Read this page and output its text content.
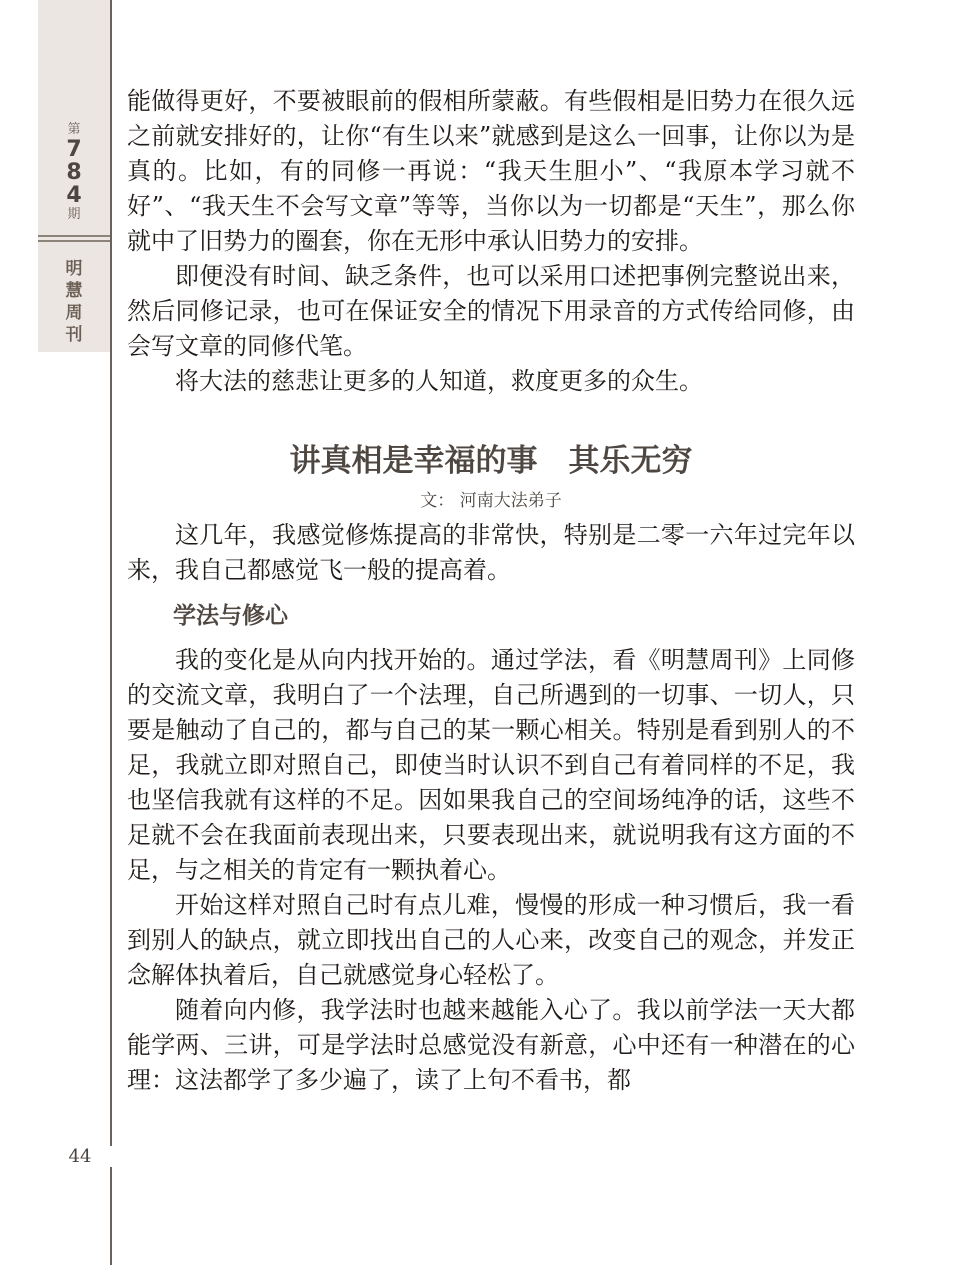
第
7
8
4
期
明
慧
周
刊
44

能做得更好，不要被眼前的假相所蒙蔽。有些假相是旧势力在很久远之前就安排好的，让你“有生以来”就感到是这么一回事，让你以为是真的。比如，有的同修一再说：“我天生胆小”、“我原本学习就不好”、“我天生不会写文章”等等，当你以为一切都是“天生”，那么你就中了旧势力的圈套，你在无形中承认旧势力的安排。

即便没有时间、缺乏条件，也可以采用口述把事例完整说出来，然后同修记录，也可在保证安全的情况下用录音的方式传给同修，由会写文章的同修代笔。

将大法的慈悲让更多的人知道，救度更多的众生。

讲真相是幸福的事　其乐无穷
文： 河南大法弟子

这几年，我感觉修炼提高的非常快，特别是二零一六年过完年以来，我自己都感觉飞一般的提高着。

学法与修心

我的变化是从向内找开始的。通过学法，看《明慧周刊》上同修的交流文章，我明白了一个法理，自己所遇到的一切事、一切人，只要是触动了自己的，都与自己的某一颗心相关。特别是看到别人的不足，我就立即对照自己，即使当时认识不到自己有着同样的不足，我也坚信我就有这样的不足。因如果我自己的空间场纯净的话，这些不足就不会在我面前表现出来，只要表现出来，就说明我有这方面的不足，与之相关的肯定有一颗执着心。

开始这样对照自己时有点儿难，慢慢的形成一种习惯后，我一看到别人的缺点，就立即找出自己的人心来，改变自己的观念，并发正念解体执着后，自己就感觉身心轻松了。

随着向内修，我学法时也越来越能入心了。我以前学法一天大都能学两、三讲，可是学法时总感觉没有新意，心中还有一种潜在的心理：这法都学了多少遍了，读了上句不看书，都
